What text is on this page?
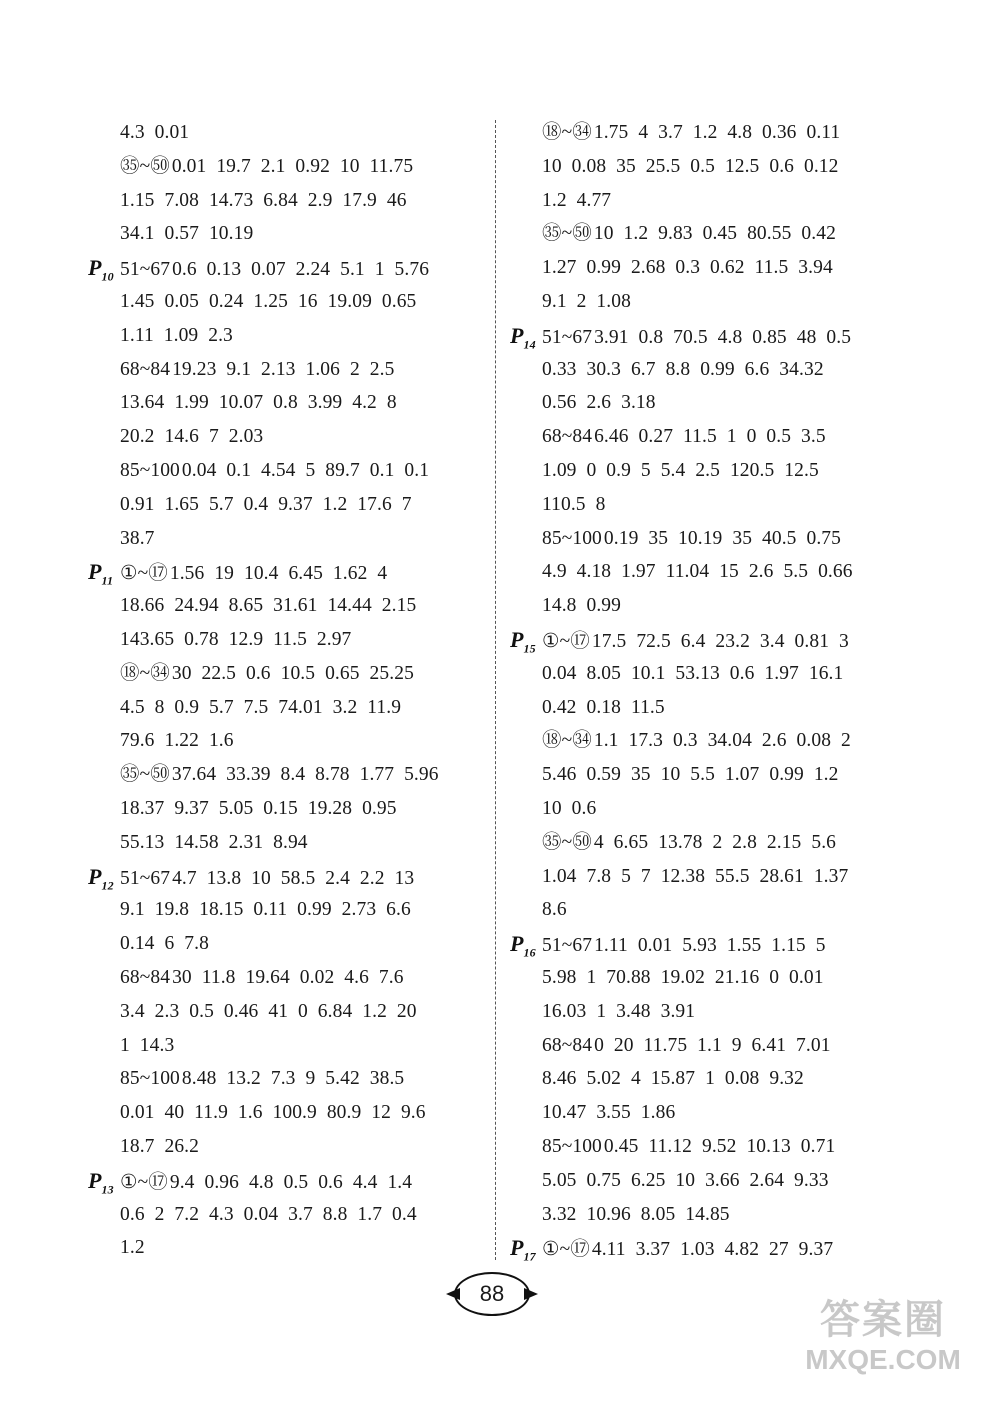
4.3  0.01
㉟~㊿ 0.01  19.7  2.1  0.92  10  11.75
1.15  7.08  14.73  6.84  2.9  17.9  46
34.1  0.57  10.19
$P_{10}$ 51~67 0.6  0.13  0.07  2.24  5.1  1  5.76
1.45  0.05  0.24  1.25  16  19.09  0.65
1.11  1.09  2.3
68~84 19.23  9.1  2.13  1.06  2  2.5
13.64  1.99  10.07  0.8  3.99  4.2  8
20.2  14.6  7  2.03
85~100 0.04  0.1  4.54  5  89.7  0.1  0.1
0.91  1.65  5.7  0.4  9.37  1.2  17.6  7
38.7
$P_{11}$ ①~⑰ 1.56  19  10.4  6.45  1.62  4
18.66  24.94  8.65  31.61  14.44  2.15
143.65  0.78  12.9  11.5  2.97
⑱~㉞ 30  22.5  0.6  10.5  0.65  25.25
4.5  8  0.9  5.7  7.5  74.01  3.2  11.9
79.6  1.22  1.6
㉟~㊿ 37.64  33.39  8.4  8.78  1.77  5.96
18.37  9.37  5.05  0.15  19.28  0.95
55.13  14.58  2.31  8.94
$P_{12}$ 51~67 4.7  13.8  10  58.5  2.4  2.2  13
9.1  19.8  18.15  0.11  0.99  2.73  6.6
0.14  6  7.8
68~84 30  11.8  19.64  0.02  4.6  7.6
3.4  2.3  0.5  0.46  41  0  6.84  1.2  20
1  14.3
85~100 8.48  13.2  7.3  9  5.42  38.5
0.01  40  11.9  1.6  100.9  80.9  12  9.6
18.7  26.2
$P_{13}$ ①~⑰ 9.4  0.96  4.8  0.5  0.6  4.4  1.4
0.6  2  7.2  4.3  0.04  3.7  8.8  1.7  0.4
1.2
⑱~㉞ 1.75  4  3.7  1.2  4.8  0.36  0.11
10  0.08  35  25.5  0.5  12.5  0.6  0.12
1.2  4.77
㉟~㊿ 10  1.2  9.83  0.45  80.55  0.42
1.27  0.99  2.68  0.3  0.62  11.5  3.94
9.1  2  1.08
$P_{14}$ 51~67 3.91  0.8  70.5  4.8  0.85  48  0.5
0.33  30.3  6.7  8.8  0.99  6.6  34.32
0.56  2.6  3.18
68~84 6.46  0.27  11.5  1  0  0.5  3.5
1.09  0  0.9  5  5.4  2.5  120.5  12.5
110.5  8
85~100 0.19  35  10.19  35  40.5  0.75
4.9  4.18  1.97  11.04  15  2.6  5.5  0.66
14.8  0.99
$P_{15}$ ①~⑰ 17.5  72.5  6.4  23.2  3.4  0.81  3
0.04  8.05  10.1  53.13  0.6  1.97  16.1
0.42  0.18  11.5
⑱~㉞ 1.1  17.3  0.3  34.04  2.6  0.08  2
5.46  0.59  35  10  5.5  1.07  0.99  1.2
10  0.6
㉟~㊿ 4  6.65  13.78  2  2.8  2.15  5.6
1.04  7.8  5  7  12.38  55.5  28.61  1.37
8.6
$P_{16}$ 51~67 1.11  0.01  5.93  1.55  1.15  5
5.98  1  70.88  19.02  21.16  0  0.01
16.03  1  3.48  3.91
68~84 0  20  11.75  1.1  9  6.41  7.01
8.46  5.02  4  15.87  1  0.08  9.32
10.47  3.55  1.86
85~100 0.45  11.12  9.52  10.13  0.71
5.05  0.75  6.25  10  3.66  2.64  9.33
3.32  10.96  8.05  14.85
$P_{17}$ ①~⑰ 4.11  3.37  1.03  4.82  27  9.37
88
答案圈
MXQE.COM
